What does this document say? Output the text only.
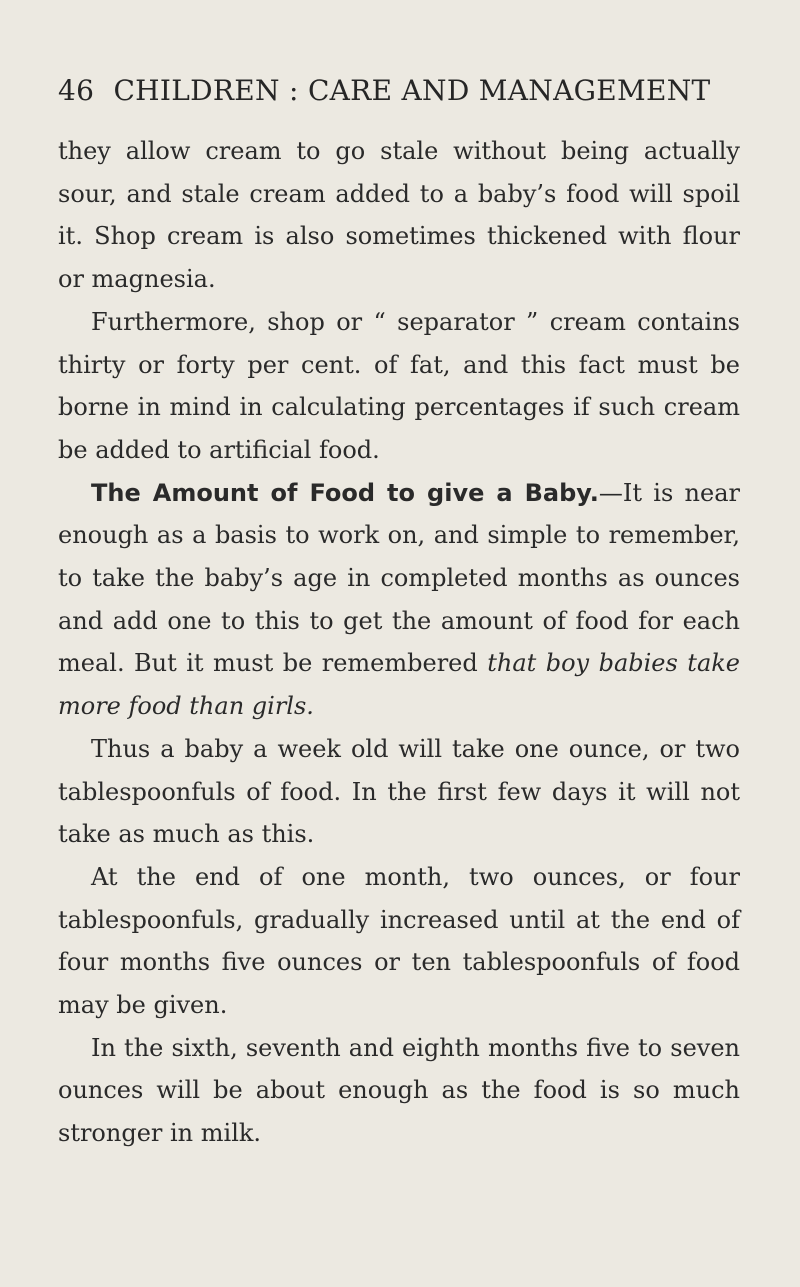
46 CHILDREN : CARE AND MANAGEMENT

they allow cream to go stale without being actually sour, and stale cream added to a baby’s food will spoil it. Shop cream is also sometimes thickened with flour or magnesia.

Furthermore, shop or “ separator ” cream contains thirty or forty per cent. of fat, and this fact must be borne in mind in calculating percentages if such cream be added to artificial food.

The Amount of Food to give a Baby.—It is near enough as a basis to work on, and simple to remember, to take the baby’s age in completed months as ounces and add one to this to get the amount of food for each meal. But it must be remembered that boy babies take more food than girls.

Thus a baby a week old will take one ounce, or two tablespoonfuls of food. In the first few days it will not take as much as this.

At the end of one month, two ounces, or four tablespoonfuls, gradually increased until at the end of four months five ounces or ten tablespoonfuls of food may be given.

In the sixth, seventh and eighth months five to seven ounces will be about enough as the food is so much stronger in milk.
